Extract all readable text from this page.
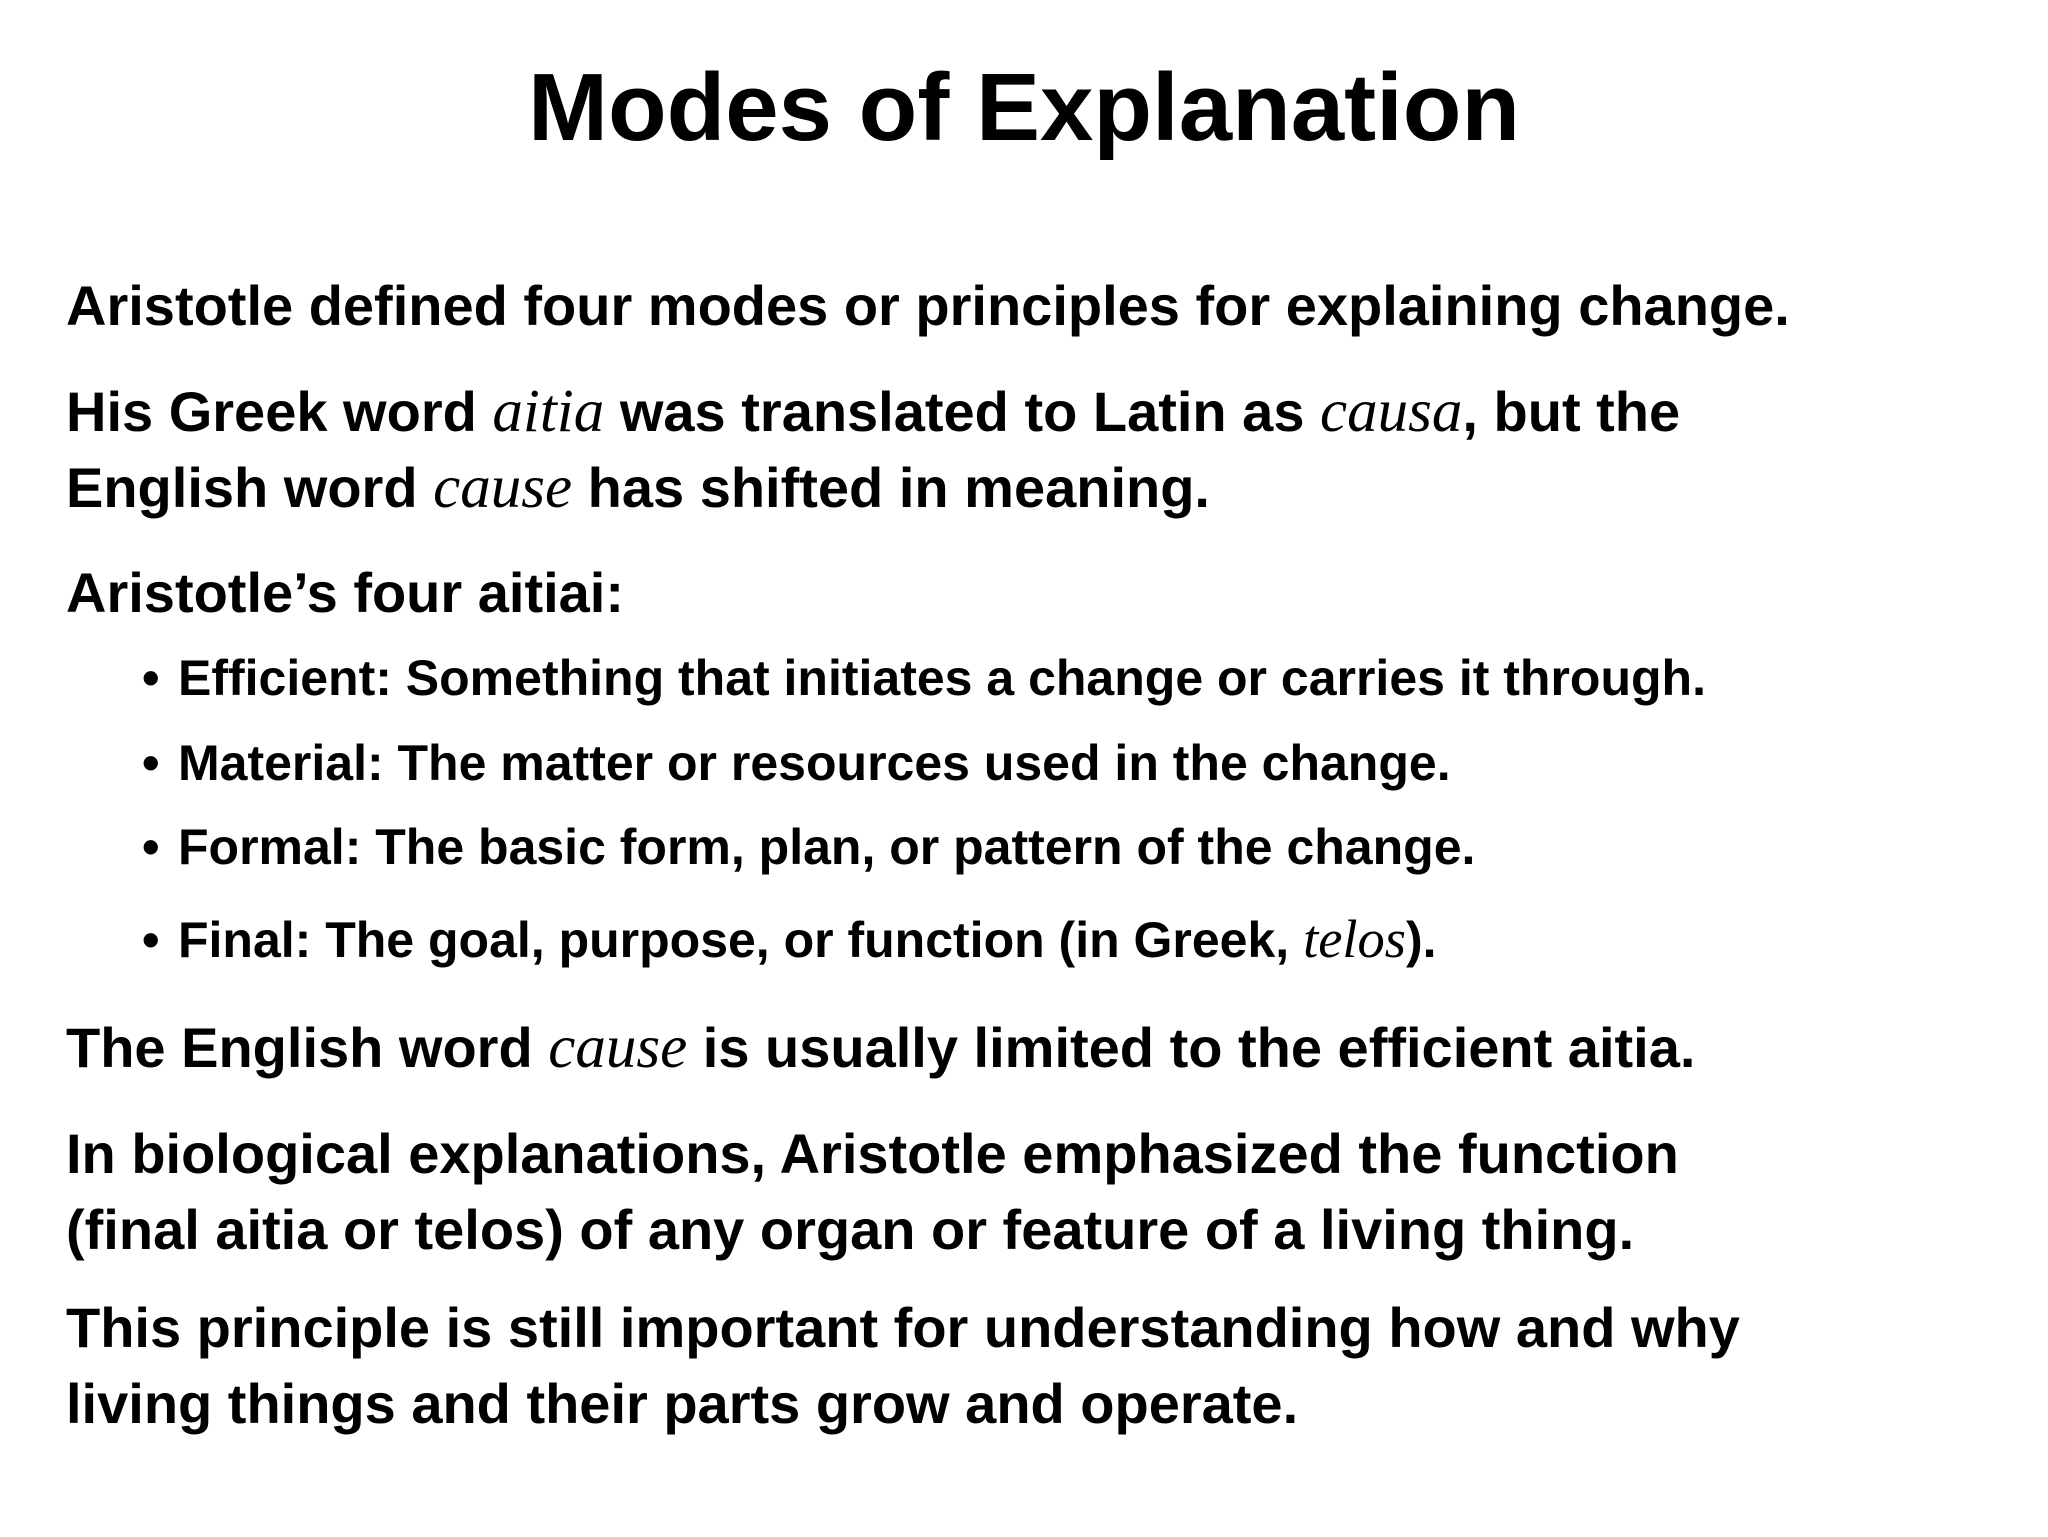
Modes of Explanation

Aristotle defined four modes or principles for explaining change.

His Greek word aitia was translated to Latin as causa, but the
English word cause has shifted in meaning.

Aristotle’s four aitiai:

• Efficient: Something that initiates a change or carries it through.

• Material: The matter or resources used in the change.

• Formal: The basic form, plan, or pattern of the change.

• Final: The goal, purpose, or function (in Greek, telos).

The English word cause is usually limited to the efficient aitia.

In biological explanations, Aristotle emphasized the function
(final aitia or telos) of any organ or feature of a living thing.

This principle is still important for understanding how and why
living things and their parts grow and operate.
